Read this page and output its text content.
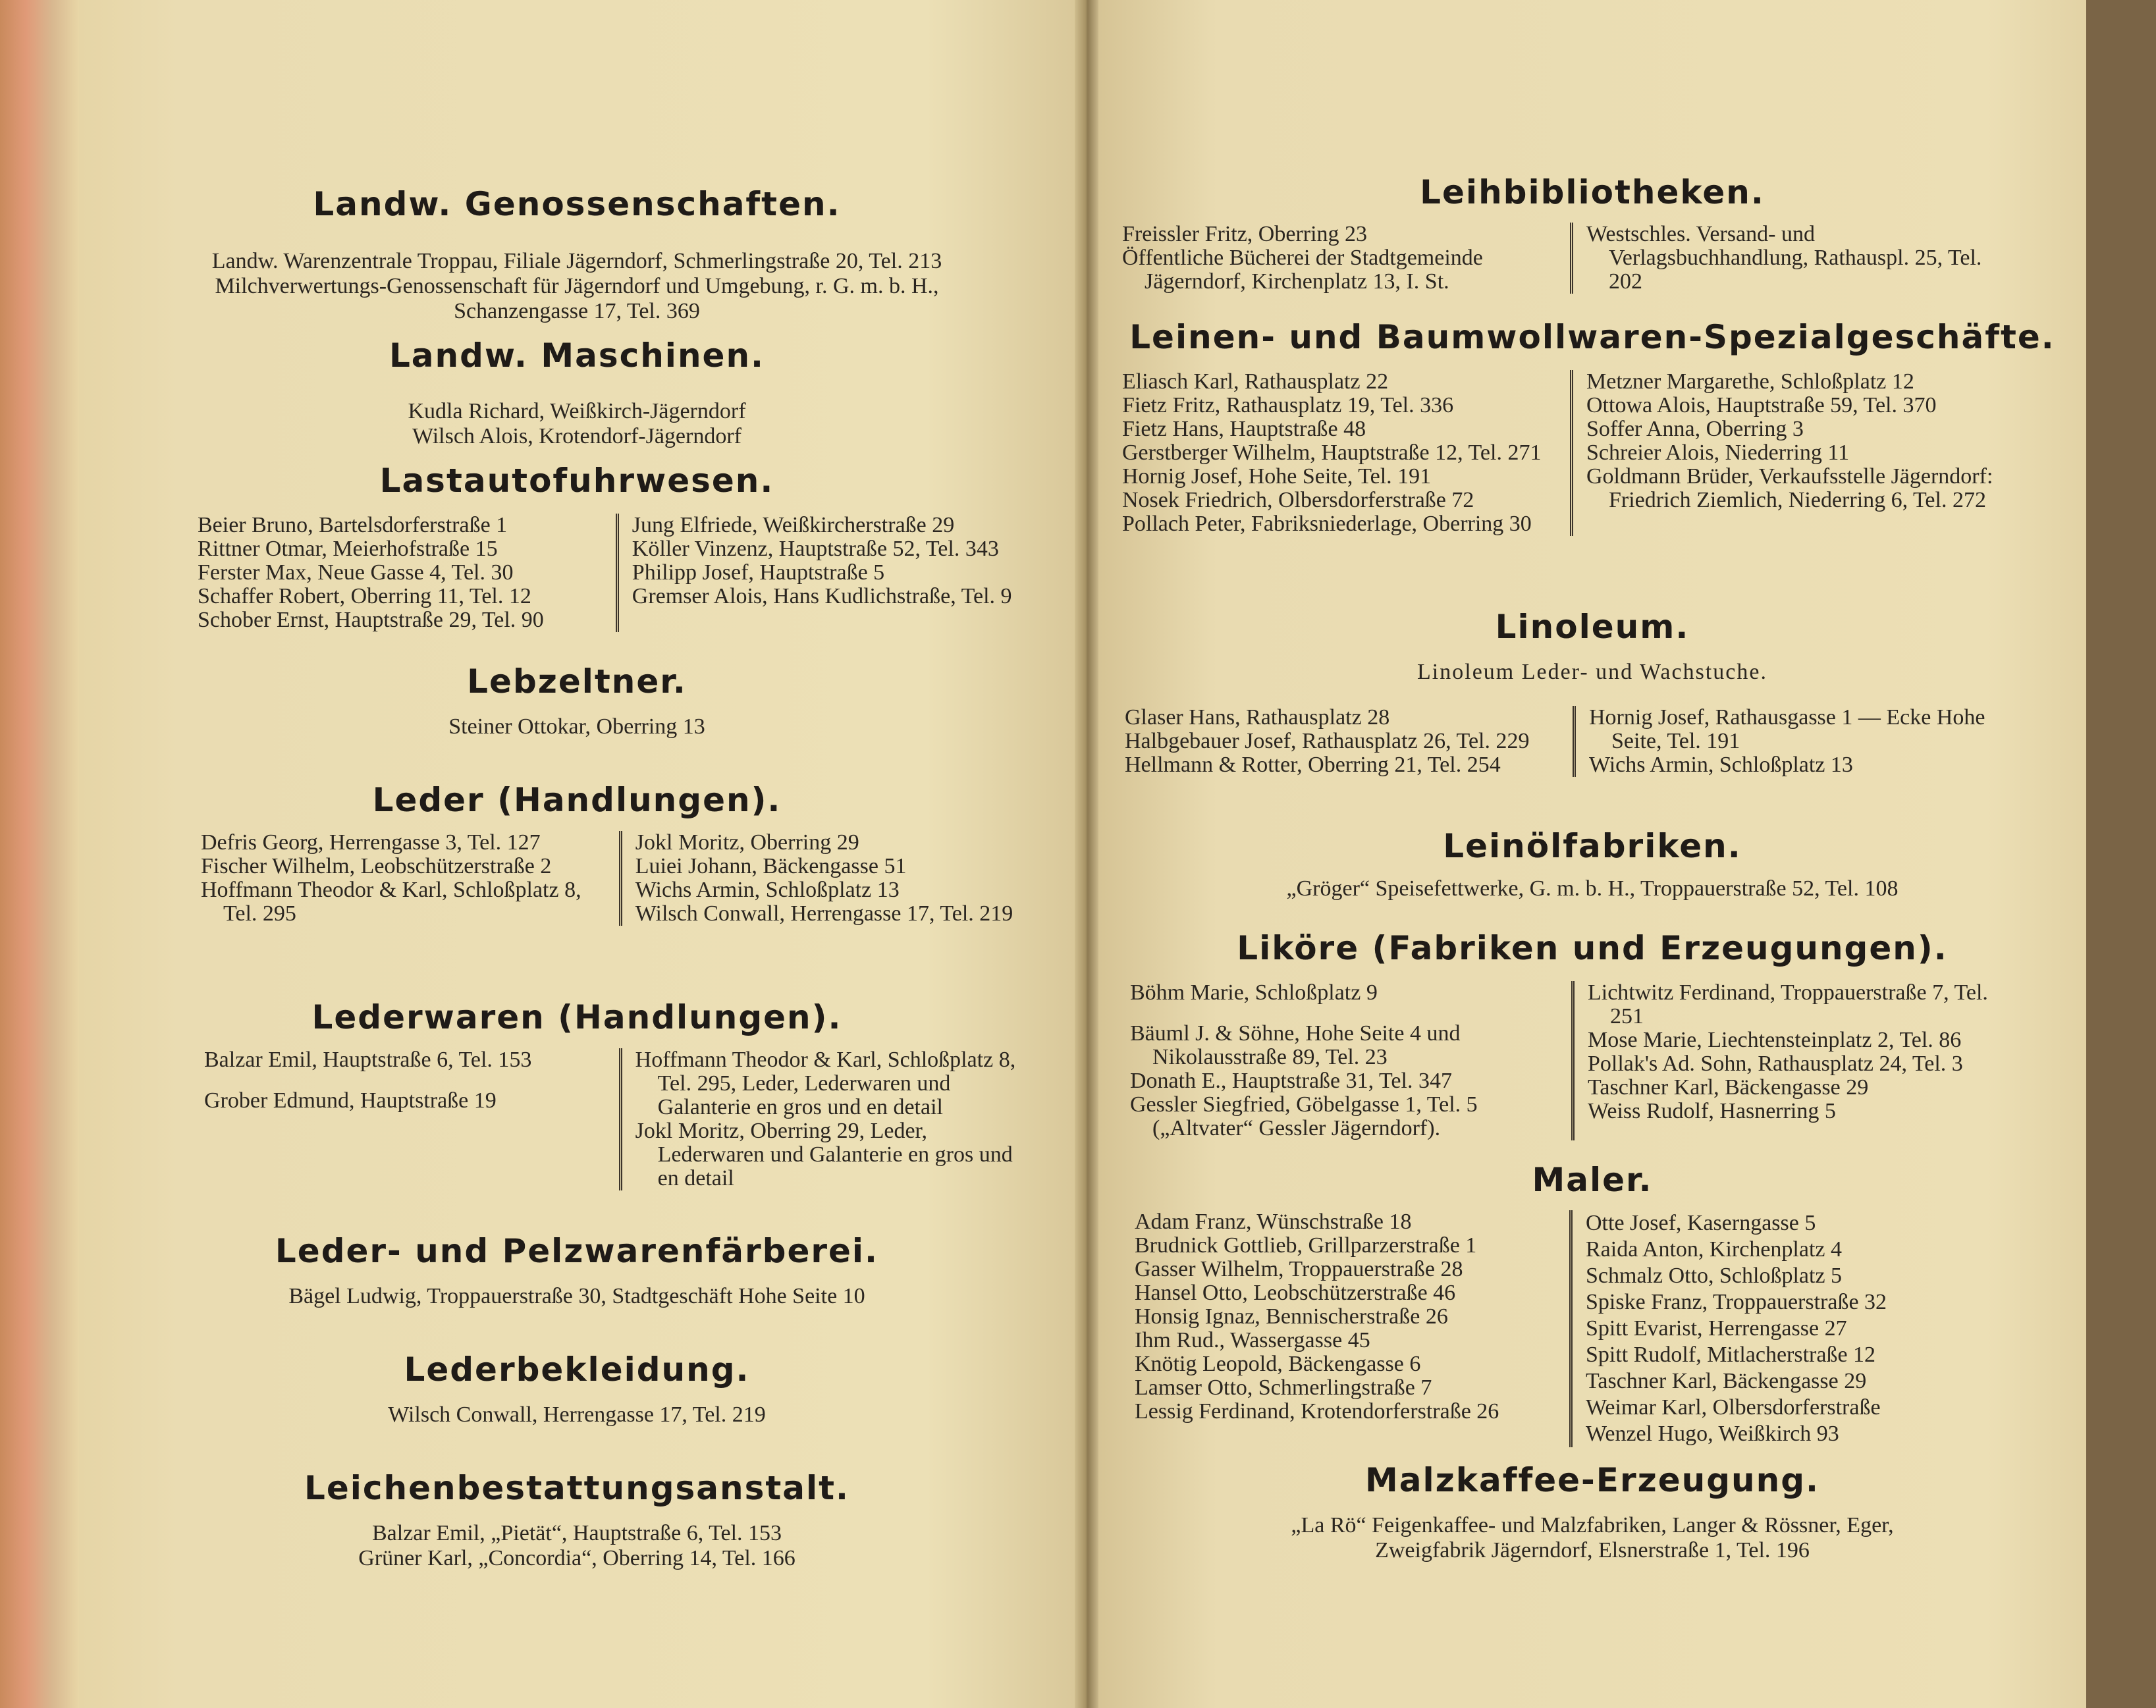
Landw. Genossenschaften.
Landw. Warenzentrale Troppau, Filiale Jägerndorf, Schmerlingstraße 20, Tel. 213
Milchverwertungs-Genossenschaft für Jägerndorf und Umgebung, r. G. m. b. H.,
Schanzengasse 17, Tel. 369
Landw. Maschinen.
Kudla Richard, Weißkirch-Jägerndorf
Wilsch Alois, Krotendorf-Jägerndorf
Lastautofuhrwesen.
Beier Bruno, Bartelsdorferstraße 1
Rittner Otmar, Meierhofstraße 15
Ferster Max, Neue Gasse 4, Tel. 30
Schaffer Robert, Oberring 11, Tel. 12
Schober Ernst, Hauptstraße 29, Tel. 90
Jung Elfriede, Weißkircherstraße 29
Köller Vinzenz, Hauptstraße 52, Tel. 343
Philipp Josef, Hauptstraße 5
Gremser Alois, Hans Kudlichstraße, Tel. 9
Lebzeltner.
Steiner Ottokar, Oberring 13
Leder (Handlungen).
Defris Georg, Herrengasse 3, Tel. 127
Fischer Wilhelm, Leobschützerstraße 2
Hoffmann Theodor & Karl, Schloßplatz 8, Tel. 295
Jokl Moritz, Oberring 29
Luiei Johann, Bäckengasse 51
Wichs Armin, Schloßplatz 13
Wilsch Conwall, Herrengasse 17, Tel. 219
Lederwaren (Handlungen).
Balzar Emil, Hauptstraße 6, Tel. 153
Grober Edmund, Hauptstraße 19
Hoffmann Theodor & Karl, Schloßplatz 8, Tel. 295, Leder, Lederwaren und Galanterie en gros und en detail
Jokl Moritz, Oberring 29, Leder, Lederwaren und Galanterie en gros und en detail
Leder- und Pelzwarenfärberei.
Bägel Ludwig, Troppauerstraße 30, Stadtgeschäft Hohe Seite 10
Lederbekleidung.
Wilsch Conwall, Herrengasse 17, Tel. 219
Leichenbestattungsanstalt.
Balzar Emil, „Pietät“, Hauptstraße 6, Tel. 153
Grüner Karl, „Concordia“, Oberring 14, Tel. 166
Leihbibliotheken.
Freissler Fritz, Oberring 23
Öffentliche Bücherei der Stadtgemeinde Jägerndorf, Kirchenplatz 13, I. St.
Westschles. Versand- und Verlagsbuchhandlung, Rathauspl. 25, Tel. 202
Leinen- und Baumwollwaren-Spezialgeschäfte.
Eliasch Karl, Rathausplatz 22
Fietz Fritz, Rathausplatz 19, Tel. 336
Fietz Hans, Hauptstraße 48
Gerstberger Wilhelm, Hauptstraße 12, Tel. 271
Hornig Josef, Hohe Seite, Tel. 191
Nosek Friedrich, Olbersdorferstraße 72
Pollach Peter, Fabriksniederlage, Oberring 30
Metzner Margarethe, Schloßplatz 12
Ottowa Alois, Hauptstraße 59, Tel. 370
Soffer Anna, Oberring 3
Schreier Alois, Niederring 11
Goldmann Brüder, Verkaufsstelle Jägerndorf: Friedrich Ziemlich, Niederring 6, Tel. 272
Linoleum.
Linoleum Leder- und Wachstuche.
Glaser Hans, Rathausplatz 28
Halbgebauer Josef, Rathausplatz 26, Tel. 229
Hellmann & Rotter, Oberring 21, Tel. 254
Hornig Josef, Rathausgasse 1 — Ecke Hohe Seite, Tel. 191
Wichs Armin, Schloßplatz 13
Leinölfabriken.
„Gröger“ Speisefettwerke, G. m. b. H., Troppauerstraße 52, Tel. 108
Liköre (Fabriken und Erzeugungen).
Böhm Marie, Schloßplatz 9
Bäuml J. & Söhne, Hohe Seite 4 und Nikolausstraße 89, Tel. 23
Donath E., Hauptstraße 31, Tel. 347
Gessler Siegfried, Göbelgasse 1, Tel. 5 („Altvater“ Gessler Jägerndorf).
Lichtwitz Ferdinand, Troppauerstraße 7, Tel. 251
Mose Marie, Liechtensteinplatz 2, Tel. 86
Pollak's Ad. Sohn, Rathausplatz 24, Tel. 3
Taschner Karl, Bäckengasse 29
Weiss Rudolf, Hasnerring 5
Maler.
Adam Franz, Wünschstraße 18
Brudnick Gottlieb, Grillparzerstraße 1
Gasser Wilhelm, Troppauerstraße 28
Hansel Otto, Leobschützerstraße 46
Honsig Ignaz, Bennischerstraße 26
Ihm Rud., Wassergasse 45
Knötig Leopold, Bäckengasse 6
Lamser Otto, Schmerlingstraße 7
Lessig Ferdinand, Krotendorferstraße 26
Otte Josef, Kaserngasse 5
Raida Anton, Kirchenplatz 4
Schmalz Otto, Schloßplatz 5
Spiske Franz, Troppauerstraße 32
Spitt Evarist, Herrengasse 27
Spitt Rudolf, Mitlacherstraße 12
Taschner Karl, Bäckengasse 29
Weimar Karl, Olbersdorferstraße
Wenzel Hugo, Weißkirch 93
Malzkaffee-Erzeugung.
„La Rö“ Feigenkaffee- und Malzfabriken, Langer & Rössner, Eger,
Zweigfabrik Jägerndorf, Elsnerstraße 1, Tel. 196
